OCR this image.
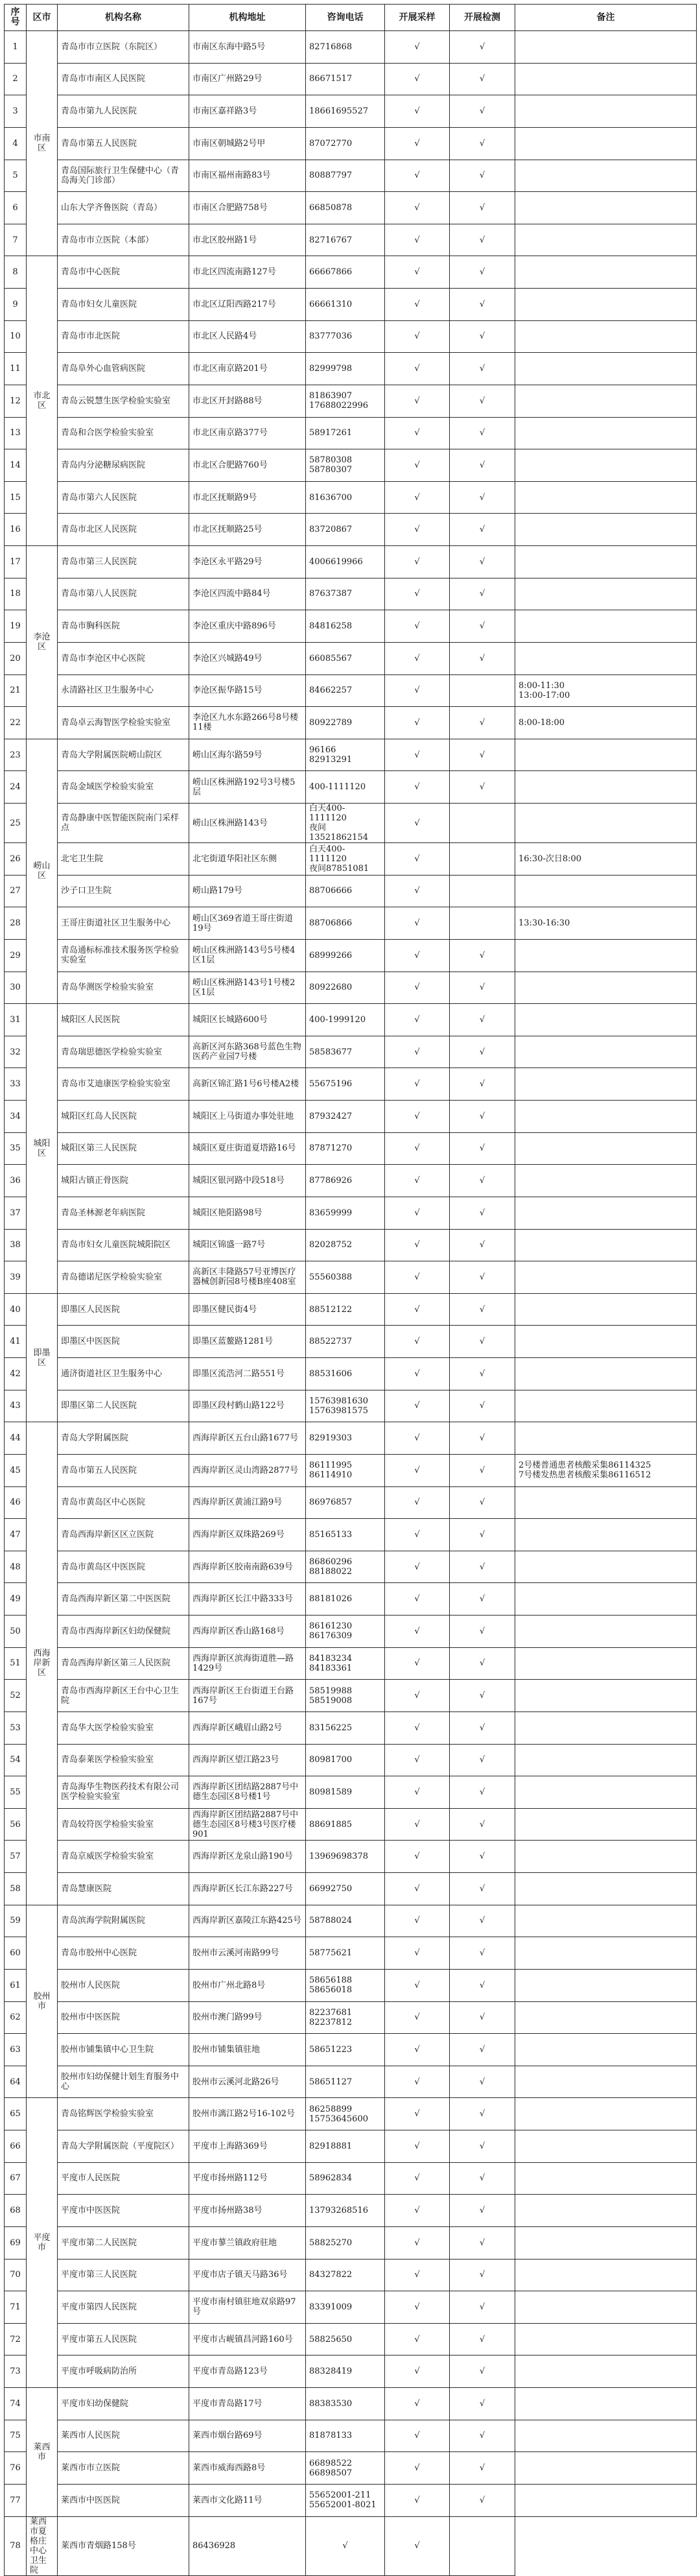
序号	区市	机构名称	机构地址	咨询电话	开展采样	开展检测	备注
1	市南区	青岛市市立医院（东院区）	市南区东海中路5号	82716868	√	√	
2		青岛市市南区人民医院	市南区广州路29号	86671517	√	√	
3		青岛市第九人民医院	市南区嘉祥路3号	18661695527	√	√	
4		青岛市第五人民医院	市南区朝城路2号甲	87072770	√	√	
5		青岛国际旅行卫生保健中心（青岛海关门诊部）	市南区福州南路83号	80887797	√	√	
6		山东大学齐鲁医院（青岛）	市南区合肥路758号	66850878	√	√	
7		青岛市市立医院（本部）	市北区胶州路1号	82716767	√	√	
8	市北区	青岛市中心医院	市北区四流南路127号	66667866	√	√	
9		青岛市妇女儿童医院	市北区辽阳西路217号	66661310	√	√	
10		青岛市市北医院	市北区人民路4号	83777036	√	√	
11		青岛阜外心血管病医院	市北区南京路201号	82999798	√	√	
12		青岛云锐慧生医学检验实验室	市北区开封路88号	81863907
17688022996	√	√	
13		青岛和合医学检验实验室	市北区南京路377号	58917261	√	√	
14		青岛内分泌糖尿病医院	市北区合肥路760号	58780308
58780307	√	√	
15		青岛市第六人民医院	市北区抚顺路9号	81636700	√	√	
16		青岛市北区人民医院	市北区抚顺路25号	83720867	√	√	
17	李沧区	青岛市第三人民医院	李沧区永平路29号	4006619966	√	√	
18		青岛市第八人民医院	李沧区四流中路84号	87637387	√	√	
19		青岛市胸科医院	李沧区重庆中路896号	84816258	√	√	
20		青岛市李沧区中心医院	李沧区兴城路49号	66085567	√	√	
21		永清路社区卫生服务中心	李沧区振华路15号	84662257	√		8:00-11:30
13:00-17:00
22		青岛卓云海智医学检验实验室	李沧区九水东路266号8号楼11楼	80922789	√	√	8:00-18:00
23	崂山区	青岛大学附属医院崂山院区	崂山区海尔路59号	96166
82913291	√	√	
24		青岛金域医学检验实验室	崂山区株洲路192号3号楼5层	400-1111120	√	√	
25		青岛静康中医智能医院南门采样点	崂山区株洲路143号	白天400-1111120
夜间13521862154	√		
26		北宅卫生院	北宅街道华阳社区东侧	白天400-1111120
夜间87851081	√		16:30-次日8:00
27		沙子口卫生院	崂山路179号	88706666	√		
28		王哥庄街道社区卫生服务中心	崂山区369省道王哥庄街道19号	88706866	√		13:30-16:30
29		青岛通标标准技术服务医学检验实验室	崂山区株洲路143号5号楼4区1层	68999266	√	√	
30		青岛华测医学检验实验室	崂山区株洲路143号1号楼2区1层	80922680	√	√	
31	城阳区	城阳区人民医院	城阳区长城路600号	400-1999120	√	√	
32		青岛瑞思德医学检验实验室	高新区河东路368号蓝色生物医药产业园7号楼	58583677	√	√	
33		青岛市艾迪康医学检验实验室	高新区锦汇路1号6号楼A2楼	55675196	√	√	
34		城阳区红岛人民医院	城阳区上马街道办事处驻地	87932427	√	√	
35		城阳区第三人民医院	城阳区夏庄街道夏塔路16号	87871270	√	√	
36		城阳古镇正骨医院	城阳区银河路中段518号	87786926	√	√	
37		青岛圣林源老年病医院	城阳区艳阳路98号	83659999	√	√	
38		青岛市妇女儿童医院城阳院区	城阳区锦盛一路7号	82028752	√	√	
39		青岛德诺尼医学检验实验室	高新区丰隆路57号亚博医疗器械创新园8号楼B座408室	55560388	√	√	
40	即墨区	即墨区人民医院	即墨区健民街4号	88512122	√	√	
41		即墨区中医医院	即墨区蓝鳌路1281号	88522737	√	√	
42		通济街道社区卫生服务中心	即墨区流浩河二路551号	88531606	√	√	
43		即墨区第二人民医院	即墨区段村鹤山路122号	15763981630
15763981575	√	√	
44	西海岸新区	青岛大学附属医院	西海岸新区五台山路1677号	82919303	√	√	
45		青岛市第五人民医院	西海岸新区灵山湾路2877号	86111995
86114910	√	√	2号楼普通患者核酸采集86114325
7号楼发热患者核酸采集86116512
46		青岛市黄岛区中心医院	西海岸新区黄浦江路9号	86976857	√	√	
47		青岛西海岸新区区立医院	西海岸新区双珠路269号	85165133	√	√	
48		青岛市黄岛区中医医院	西海岸新区胶南南路639号	86860296
88188022	√	√	
49		青岛西海岸新区第二中医医院	西海岸新区长江中路333号	88181026	√	√	
50		青岛市西海岸新区妇幼保健院	西海岸新区香山路168号	86161230
86176309	√	√	
51		青岛西海岸新区第三人民医院	西海岸新区滨海街道胜—路1429号	84183234
84183361	√	√	
52		青岛市西海岸新区王台中心卫生院	西海岸新区王台街道王台路167号	58519988
58519008	√	√	
53		青岛华大医学检验实验室	西海岸新区峨眉山路2号	83156225	√	√	
54		青岛泰莱医学检验实验室	西海岸新区望江路23号	80981700	√	√	
55		青岛海华生物医药技术有限公司医学检验实验室	西海岸新区团结路2887号中德生态园区8号楼1号	80981589	√	√	
56		青岛较符医学检验实验室	西海岸新区团结路2887号中德生态园区8号楼3号医疗楼901	88691885	√	√	
57		青岛京威医学检验实验室	西海岸新区龙泉山路190号	13969698378	√	√	
58		青岛慧康医院	西海岸新区长江东路227号	66992750	√	√	
59	胶州市	青岛滨海学院附属医院	西海岸新区嘉陵江东路425号	58788024	√	√	
60		青岛市胶州中心医院	胶州市云溪河南路99号	58775621	√	√	
61		胶州市人民医院	胶州市广州北路8号	58656188
58656018	√	√	
62		胶州市中医医院	胶州市澳门路99号	82237681
82237812	√	√	
63		胶州市铺集镇中心卫生院	胶州市铺集镇驻地	58651223	√	√	
64		胶州市妇幼保健计划生育服务中心	胶州市云溪河北路26号	58651127	√	√	
65	平度市	青岛铭辉医学检验实验室	胶州市漓江路2号16-102号	86258899
15753645600	√	√	
66		青岛大学附属医院（平度院区）	平度市上海路369号	82918881	√	√	
67		平度市人民医院	平度市扬州路112号	58962834	√	√	
68		平度市中医医院	平度市扬州路38号	13793268516	√	√	
69		平度市第二人民医院	平度市蓼兰镇政府驻地	58825270	√	√	
70		平度市第三人民医院	平度市店子镇天马路36号	84327822	√	√	
71		平度市第四人民医院	平度市南村镇驻地双泉路97号	83391009	√	√	
72		平度市第五人民医院	平度市古岘镇昌河路160号	58825650	√	√	
73		平度市呼吸病防治所	平度市青岛路123号	88328419	√	√	
74	莱西市	平度市妇幼保健院	平度市青岛路17号	88383530	√	√	
75		莱西市人民医院	莱西市烟台路69号	81878133	√	√	
76		莱西市市立医院	莱西市威海西路8号	66898522
66898507	√	√	
77		莱西市中医医院	莱西市文化路11号	55652001-211
55652001-8021	√	√	
78	莱西市夏格庄中心卫生院	莱西市青烟路158号	86436928	√	√		
